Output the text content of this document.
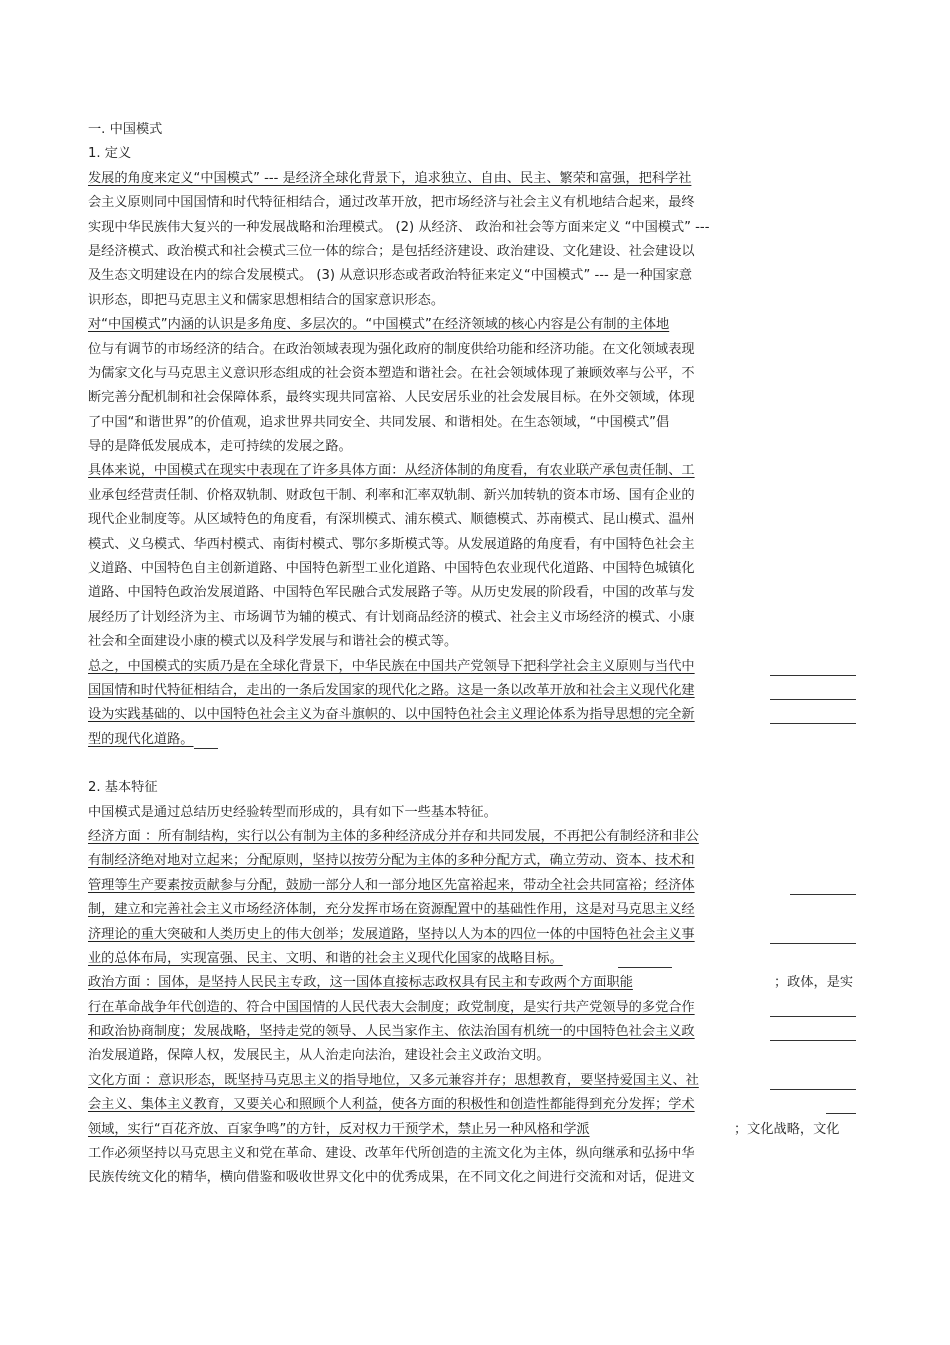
一. 中国模式
1. 定义
发展的角度来定义“中国模式” --- 是经济全球化背景下，追求独立、自由、民主、繁荣和富强，把科学社
会主义原则同中国国情和时代特征相结合，通过改革开放，把市场经济与社会主义有机地结合起来，最终
实现中华民族伟大复兴的一种发展战略和治理模式。 (2) 从经济、 政治和社会等方面来定义 “中国模式” ---
是经济模式、政治模式和社会模式三位一体的综合；是包括经济建设、政治建设、文化建设、社会建设以
及生态文明建设在内的综合发展模式。 (3) 从意识形态或者政治特征来定义“中国模式” --- 是一种国家意
识形态，即把马克思主义和儒家思想相结合的国家意识形态。
对“中国模式”内涵的认识是多角度、多层次的。“中国模式”在经济领域的核心内容是公有制的主体地
位与有调节的市场经济的结合。在政治领域表现为强化政府的制度供给功能和经济功能。在文化领域表现
为儒家文化与马克思主义意识形态组成的社会资本塑造和谐社会。在社会领域体现了兼顾效率与公平，不
断完善分配机制和社会保障体系，最终实现共同富裕、人民安居乐业的社会发展目标。在外交领域，体现
了中国“和谐世界”的价值观，追求世界共同安全、共同发展、和谐相处。在生态领域，“中国模式”倡
导的是降低发展成本，走可持续的发展之路。
具体来说，中国模式在现实中表现在了许多具体方面：从经济体制的角度看，有农业联产承包责任制、工
业承包经营责任制、价格双轨制、财政包干制、利率和汇率双轨制、新兴加转轨的资本市场、国有企业的
现代企业制度等。从区域特色的角度看，有深圳模式、浦东模式、顺德模式、苏南模式、昆山模式、温州
模式、义乌模式、华西村模式、南街村模式、鄂尔多斯模式等。从发展道路的角度看，有中国特色社会主
义道路、中国特色自主创新道路、中国特色新型工业化道路、中国特色农业现代化道路、中国特色城镇化
道路、中国特色政治发展道路、中国特色军民融合式发展路子等。从历史发展的阶段看，中国的改革与发
展经历了计划经济为主、市场调节为辅的模式、有计划商品经济的模式、社会主义市场经济的模式、小康
社会和全面建设小康的模式以及科学发展与和谐社会的模式等。
总之，中国模式的实质乃是在全球化背景下，中华民族在中国共产党领导下把科学社会主义原则与当代中
国国情和时代特征相结合，走出的一条后发国家的现代化之路。这是一条以改革开放和社会主义现代化建
设为实践基础的、以中国特色社会主义为奋斗旗帜的、以中国特色社会主义理论体系为指导思想的完全新
型的现代化道路。
2. 基本特征
中国模式是通过总结历史经验转型而形成的，具有如下一些基本特征。
经济方面 ：所有制结构，实行以公有制为主体的多种经济成分并存和共同发展，不再把公有制经济和非公
有制经济绝对地对立起来；分配原则，坚持以按劳分配为主体的多种分配方式，确立劳动、资本、技术和
管理等生产要素按贡献参与分配，鼓励一部分人和一部分地区先富裕起来，带动全社会共同富裕；经济体
制，建立和完善社会主义市场经济体制，充分发挥市场在资源配置中的基础性作用，这是对马克思主义经
济理论的重大突破和人类历史上的伟大创举；发展道路，坚持以人为本的四位一体的中国特色社会主义事
业的总体布局，实现富强、民主、文明、和谐的社会主义现代化国家的战略目标。
政治方面 ：国体，是坚持人民民主专政，这一国体直接标志政权具有民主和专政两个方面职能	；政体，是实
行在革命战争年代创造的、符合中国国情的人民代表大会制度；政党制度，是实行共产党领导的多党合作
和政治协商制度；发展战略，坚持走党的领导、人民当家作主、依法治国有机统一的中国特色社会主义政
治发展道路，保障人权，发展民主，从人治走向法治，建设社会主义政治文明。
文化方面 ：意识形态，既坚持马克思主义的指导地位，又多元兼容并存；思想教育，要坚持爱国主义、社
会主义、集体主义教育，又要关心和照顾个人利益，使各方面的积极性和创造性都能得到充分发挥；学术
领域，实行“百花齐放、百家争鸣”的方针，反对权力干预学术，禁止另一种风格和学派	；文化战略，文化
工作必须坚持以马克思主义和党在革命、建设、改革年代所创造的主流文化为主体，纵向继承和弘扬中华
民族传统文化的精华，横向借鉴和吸收世界文化中的优秀成果，在不同文化之间进行交流和对话，促进文
